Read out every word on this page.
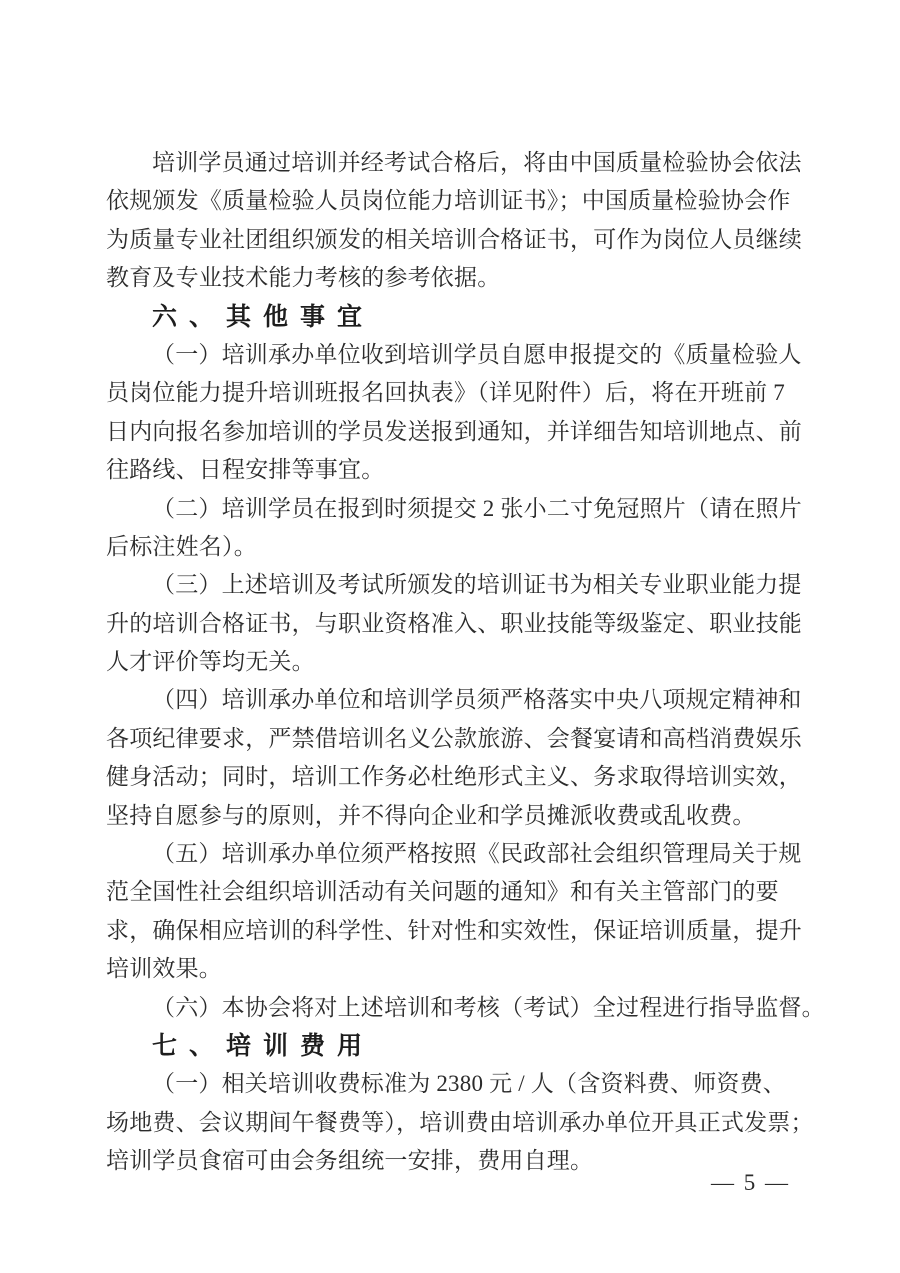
培训学员通过培训并经考试合格后，将由中国质量检验协会依法
依规颁发《质量检验人员岗位能力培训证书》；中国质量检验协会作
为质量专业社团组织颁发的相关培训合格证书，可作为岗位人员继续
教育及专业技术能力考核的参考依据。
六、其他事宜
（一）培训承办单位收到培训学员自愿申报提交的《质量检验人
员岗位能力提升培训班报名回执表》（详见附件）后，将在开班前 7
日内向报名参加培训的学员发送报到通知，并详细告知培训地点、前
往路线、日程安排等事宜。
（二）培训学员在报到时须提交 2 张小二寸免冠照片（请在照片
后标注姓名）。
（三）上述培训及考试所颁发的培训证书为相关专业职业能力提
升的培训合格证书，与职业资格准入、职业技能等级鉴定、职业技能
人才评价等均无关。
（四）培训承办单位和培训学员须严格落实中央八项规定精神和
各项纪律要求，严禁借培训名义公款旅游、会餐宴请和高档消费娱乐
健身活动；同时，培训工作务必杜绝形式主义、务求取得培训实效，
坚持自愿参与的原则，并不得向企业和学员摊派收费或乱收费。
（五）培训承办单位须严格按照《民政部社会组织管理局关于规
范全国性社会组织培训活动有关问题的通知》和有关主管部门的要
求，确保相应培训的科学性、针对性和实效性，保证培训质量，提升
培训效果。
（六）本协会将对上述培训和考核（考试）全过程进行指导监督。
七、培训费用
（一）相关培训收费标准为 2380 元 / 人（含资料费、师资费、
场地费、会议期间午餐费等），培训费由培训承办单位开具正式发票；
培训学员食宿可由会务组统一安排，费用自理。
— 5 —
